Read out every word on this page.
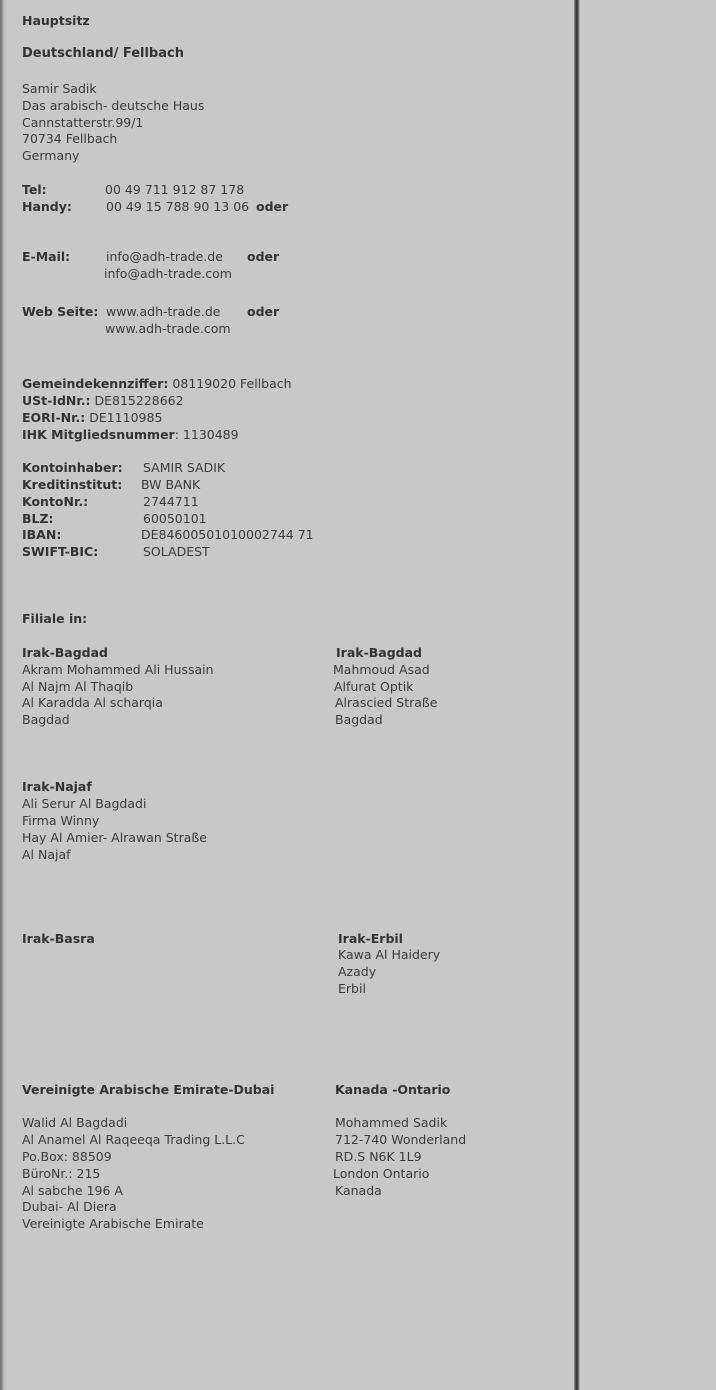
Hauptsitz
Deutschland/ Fellbach
Samir Sadik
Das arabisch- deutsche Haus
Cannstatterstr.99/1
70734 Fellbach
Germany
Tel:	00 49 711 912 87 178
Handy:	00 49 15 788 90 13 06 oder
E-Mail:	info@adh-trade.de oder
info@adh-trade.com
Web Seite: www.adh-trade.de oder
www.adh-trade.com
Gemeindekennziffer: 08119020 Fellbach
USt-IdNr.: DE815228662
EORI-Nr.: DE1110985
IHK Mitgliedsnummer: 1130489
Kontoinhaber: SAMIR SADIK
Kreditinstitut: BW BANK
KontoNr.:	2744711
BLZ:	60050101
IBAN:	DE84600501010002744 71
SWIFT-BIC:	SOLADEST
Filiale in:
Irak-Bagdad
Akram Mohammed Ali Hussain
Al Najm Al Thaqib
Al Karadda Al scharqia
Bagdad
Irak-Bagdad
Mahmoud Asad
Alfurat Optik
Alrascied Straße
Bagdad
Irak-Najaf
Ali Serur Al Bagdadi
Firma Winny
Hay Al Amier- Alrawan Straße
Al Najaf
Irak-Basra	Irak-Erbil
Kawa Al Haidery
Azady
Erbil
Vereinigte Arabische Emirate-Dubai
Walid Al Bagdadi
Al Anamel Al Raqeeqa Trading L.L.C
Po.Box: 88509
BüroNr.: 215
Al sabche 196 A
Dubai- Al Diera
Vereinigte Arabische Emirate
Kanada -Ontario
Mohammed Sadik
712-740 Wonderland
RD.S N6K 1L9
London Ontario
Kanada
